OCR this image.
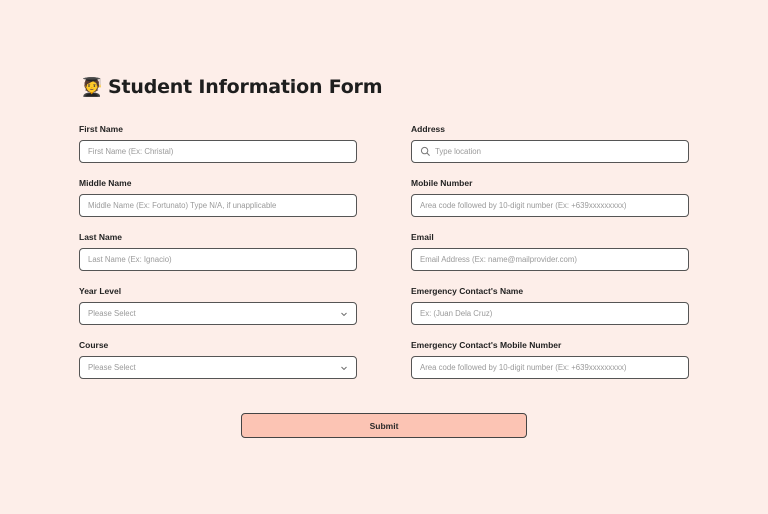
🧑‍🎓 Student Information Form
First Name
First Name (Ex: Christal)
Middle Name
Middle Name (Ex: Fortunato) Type N/A, if unapplicable
Last Name
Last Name (Ex: Ignacio)
Year Level
Please Select
Course
Please Select
Address
Type location
Mobile Number
Area code followed by 10-digit number (Ex: +639xxxxxxxxx)
Email
Email Address (Ex: name@mailprovider.com)
Emergency Contact's Name
Ex: (Juan Dela Cruz)
Emergency Contact's Mobile Number
Area code followed by 10-digit number (Ex: +639xxxxxxxxx)
Submit
